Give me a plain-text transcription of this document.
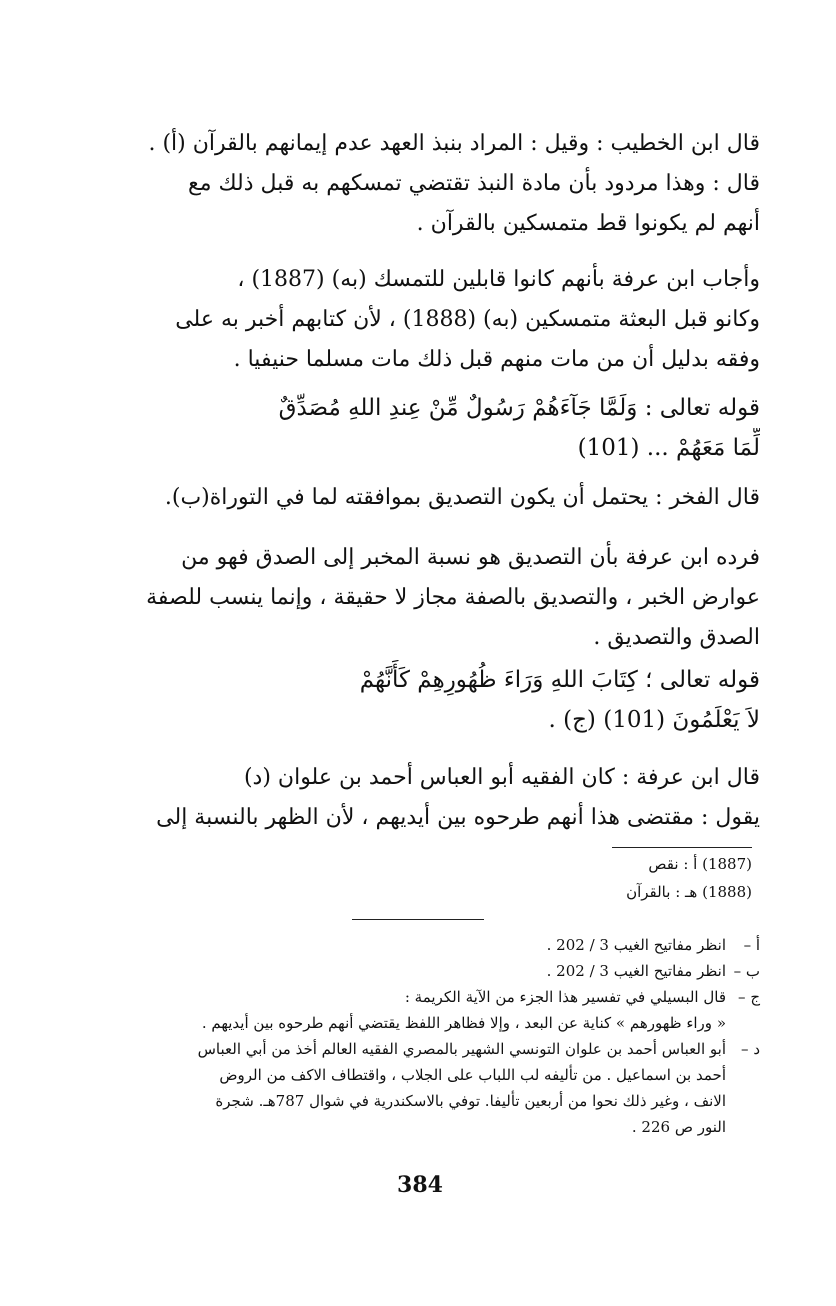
قال ابن الخطيب : وقيل : المراد بنبذ العهد عدم إيمانهم بالقرآن (أ) .
قال : وهذا مردود بأن مادة النبذ تقتضي تمسكهم به قبل ذلك مع
أنهم لم يكونوا قط متمسكين بالقرآن .
وأجاب ابن عرفة بأنهم كانوا قابلين للتمسك (به) (1887) ،
وكانو قبل البعثة متمسكين (به) (1888) ، لأن كتابهم أخبر به على
وفقه بدليل أن من مات منهم قبل ذلك مات مسلما حنيفيا .
قوله تعالى : وَلَمَّا جَآءَهُمْ رَسُولٌ مِّنْ عِندِ اللهِ مُصَدِّقٌ
لِّمَا مَعَهُمْ ... (101)
قال الفخر : يحتمل أن يكون التصديق بموافقته لما في التوراة(ب).
فرده ابن عرفة بأن التصديق هو نسبة المخبر إلى الصدق فهو من
عوارض الخبر ، والتصديق بالصفة مجاز لا حقيقة ، وإنما ينسب للصفة
الصدق والتصديق .
قوله تعالى ؛ كِتَابَ اللهِ وَرَاءَ ظُهُورِهِمْ كَأَنَّهُمْ
لاَ يَعْلَمُونَ (101) (ج) .
قال ابن عرفة : كان الفقيه أبو العباس أحمد بن علوان (د)
يقول : مقتضى هذا أنهم طرحوه بين أيديهم ، لأن الظهر بالنسبة إلى
(1887) أ : نقص
(1888) هـ : بالقرآن
أ –
انظر مفاتيح الغيب 3 / 202 .
ب –
انظر مفاتيح الغيب 3 / 202 .
ج –
قال البسيلي في تفسير هذا الجزء من الآية الكريمة :
« وراء ظهورهم » كناية عن البعد ، وإلا فظاهر اللفظ يقتضي أنهم طرحوه بين أيديهم .
د –
أبو العباس أحمد بن علوان التونسي الشهير بالمصري الفقيه العالم أخذ من أبي العباس
أحمد بن اسماعيل . من تأليفه لب اللباب على الجلاب ، واقتطاف الاكف من الروض
الانف ، وغير ذلك نحوا من أربعين تأليفا. توفي بالاسكندرية في شوال 787هـ. شجرة
النور ص 226 .
384
